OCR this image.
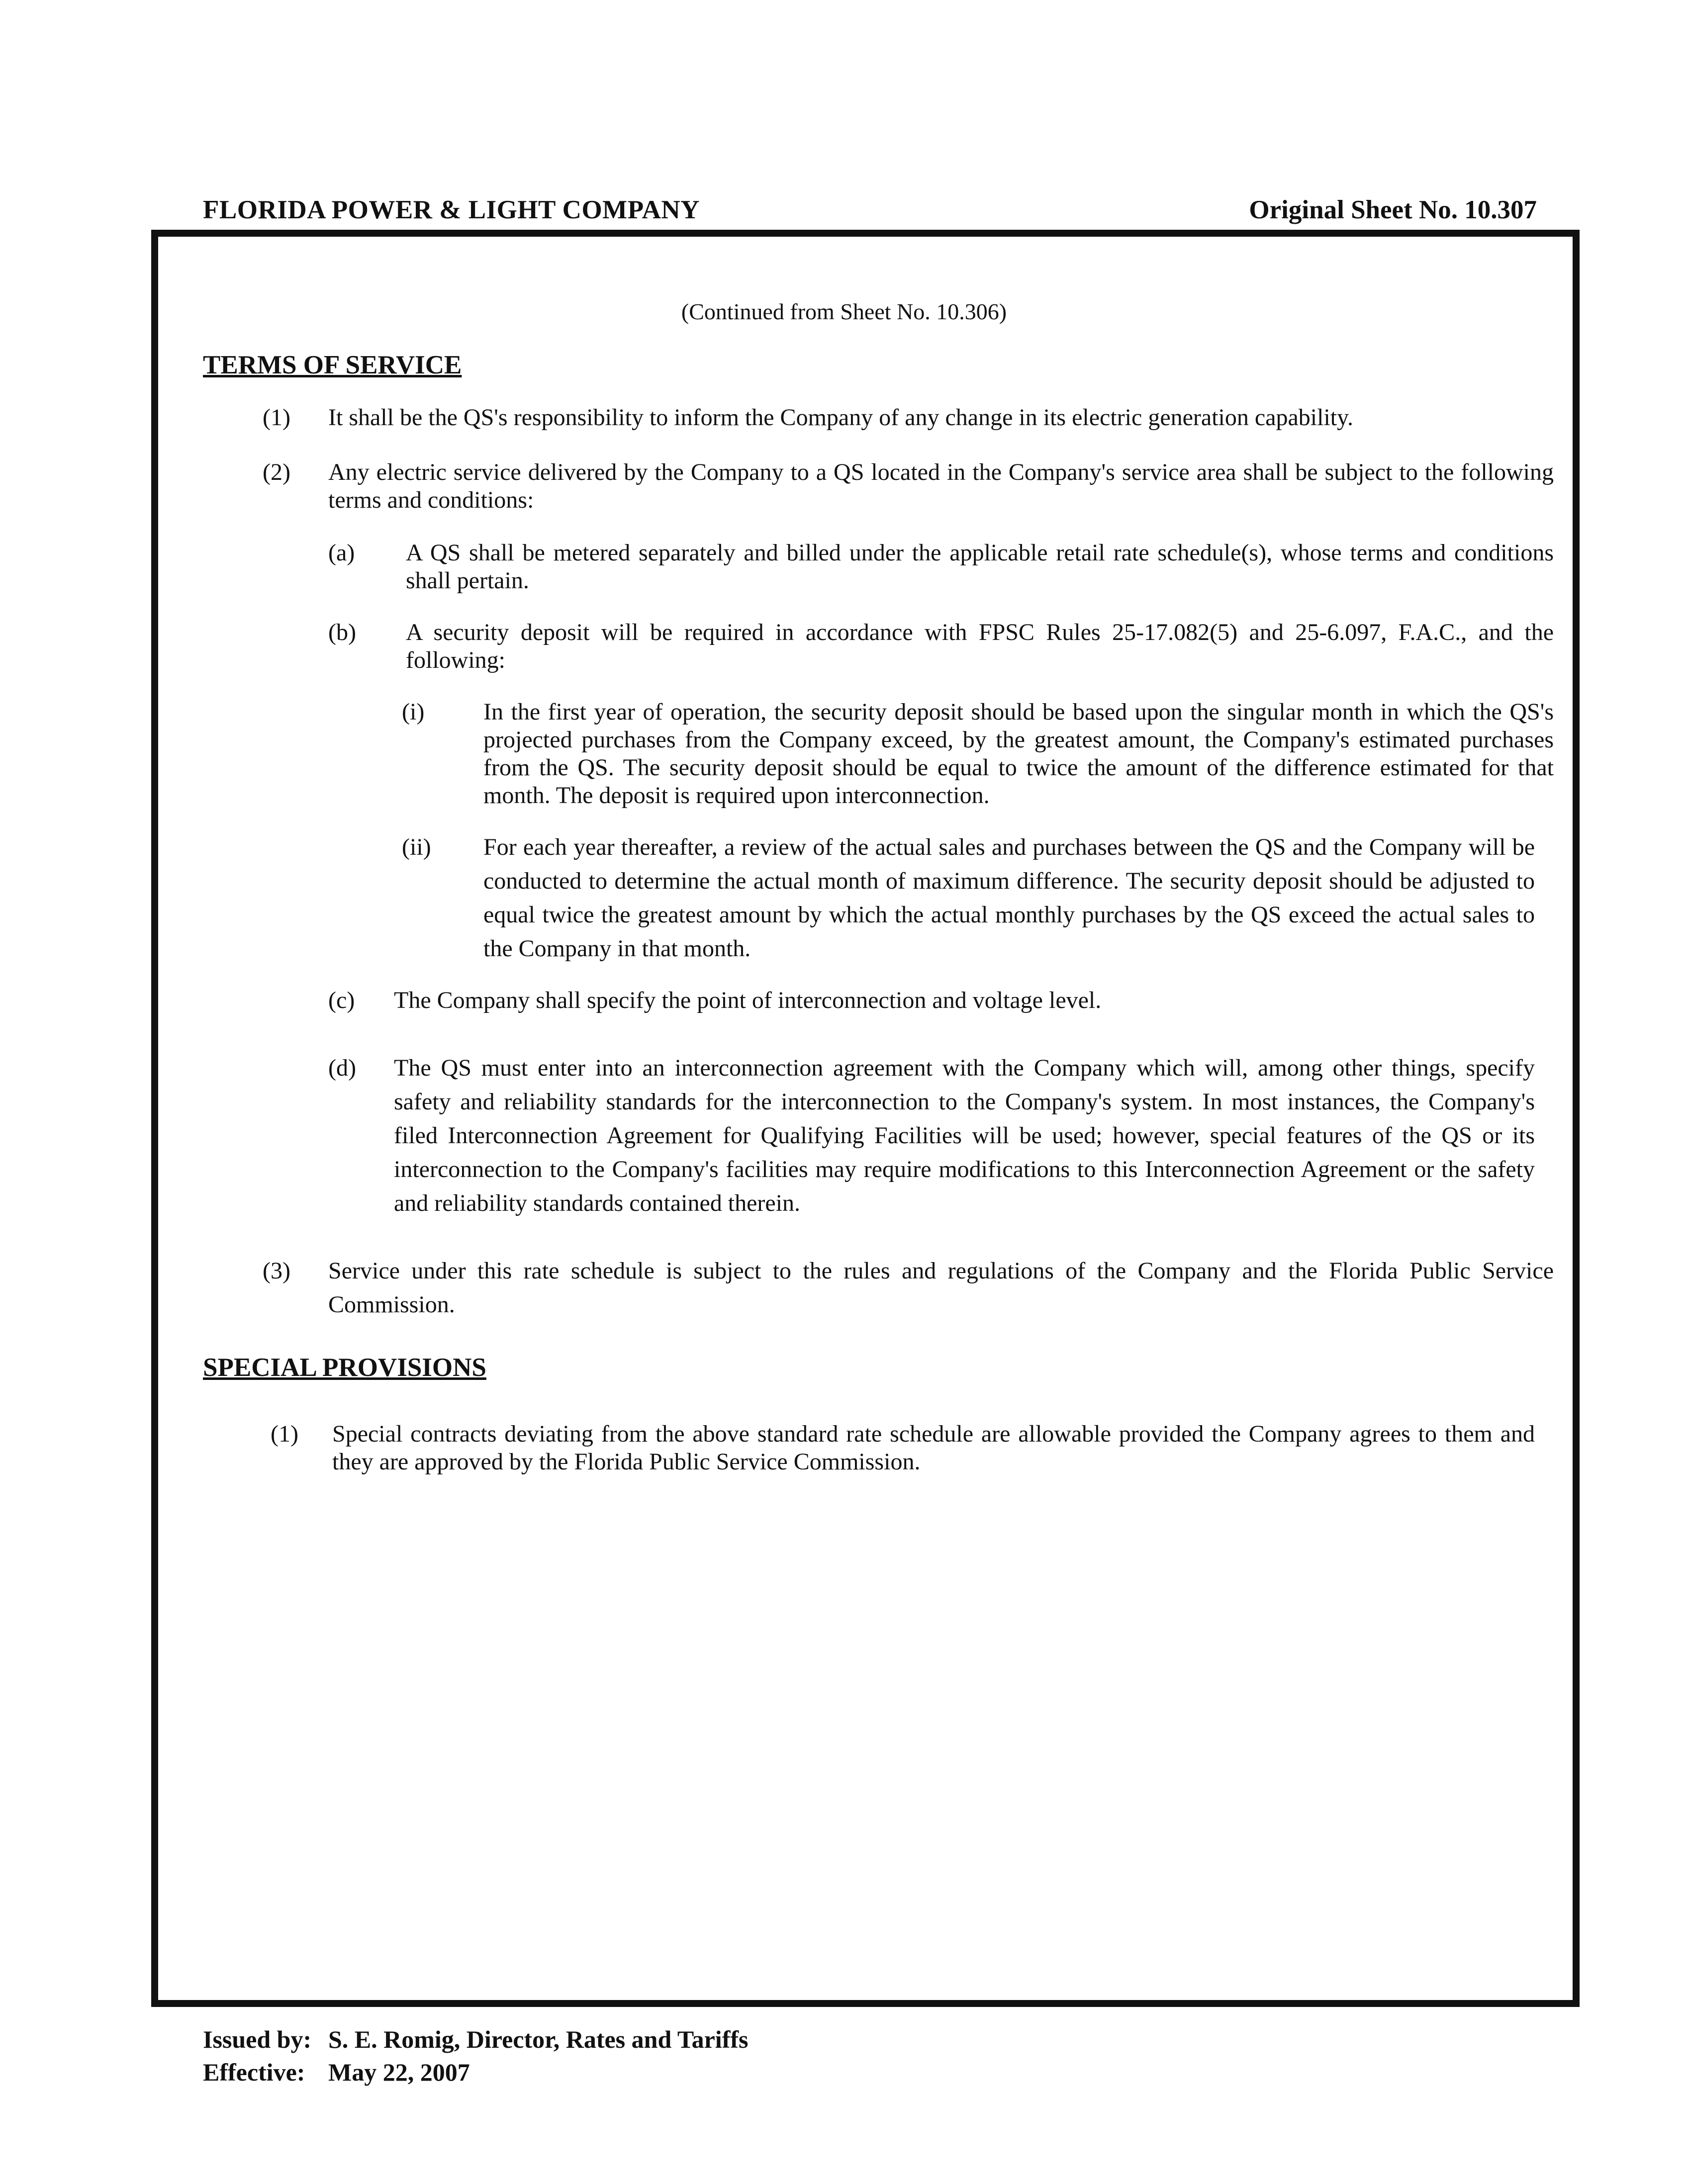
FLORIDA POWER & LIGHT COMPANY	Original Sheet No. 10.307
(Continued from Sheet No. 10.306)
TERMS OF SERVICE
(1) It shall be the QS's responsibility to inform the Company of any change in its electric generation capability.
(2) Any electric service delivered by the Company to a QS located in the Company's service area shall be subject to the following terms and conditions:
(a) A QS shall be metered separately and billed under the applicable retail rate schedule(s), whose terms and conditions shall pertain.
(b) A security deposit will be required in accordance with FPSC Rules 25-17.082(5) and 25-6.097, F.A.C., and the following:
(i) In the first year of operation, the security deposit should be based upon the singular month in which the QS's projected purchases from the Company exceed, by the greatest amount, the Company's estimated purchases from the QS. The security deposit should be equal to twice the amount of the difference estimated for that month. The deposit is required upon interconnection.
(ii) For each year thereafter, a review of the actual sales and purchases between the QS and the Company will be conducted to determine the actual month of maximum difference. The security deposit should be adjusted to equal twice the greatest amount by which the actual monthly purchases by the QS exceed the actual sales to the Company in that month.
(c) The Company shall specify the point of interconnection and voltage level.
(d) The QS must enter into an interconnection agreement with the Company which will, among other things, specify safety and reliability standards for the interconnection to the Company's system. In most instances, the Company's filed Interconnection Agreement for Qualifying Facilities will be used; however, special features of the QS or its interconnection to the Company's facilities may require modifications to this Interconnection Agreement or the safety and reliability standards contained therein.
(3) Service under this rate schedule is subject to the rules and regulations of the Company and the Florida Public Service Commission.
SPECIAL PROVISIONS
(1) Special contracts deviating from the above standard rate schedule are allowable provided the Company agrees to them and they are approved by the Florida Public Service Commission.
Issued by: S. E. Romig, Director, Rates and Tariffs
Effective: May 22, 2007
